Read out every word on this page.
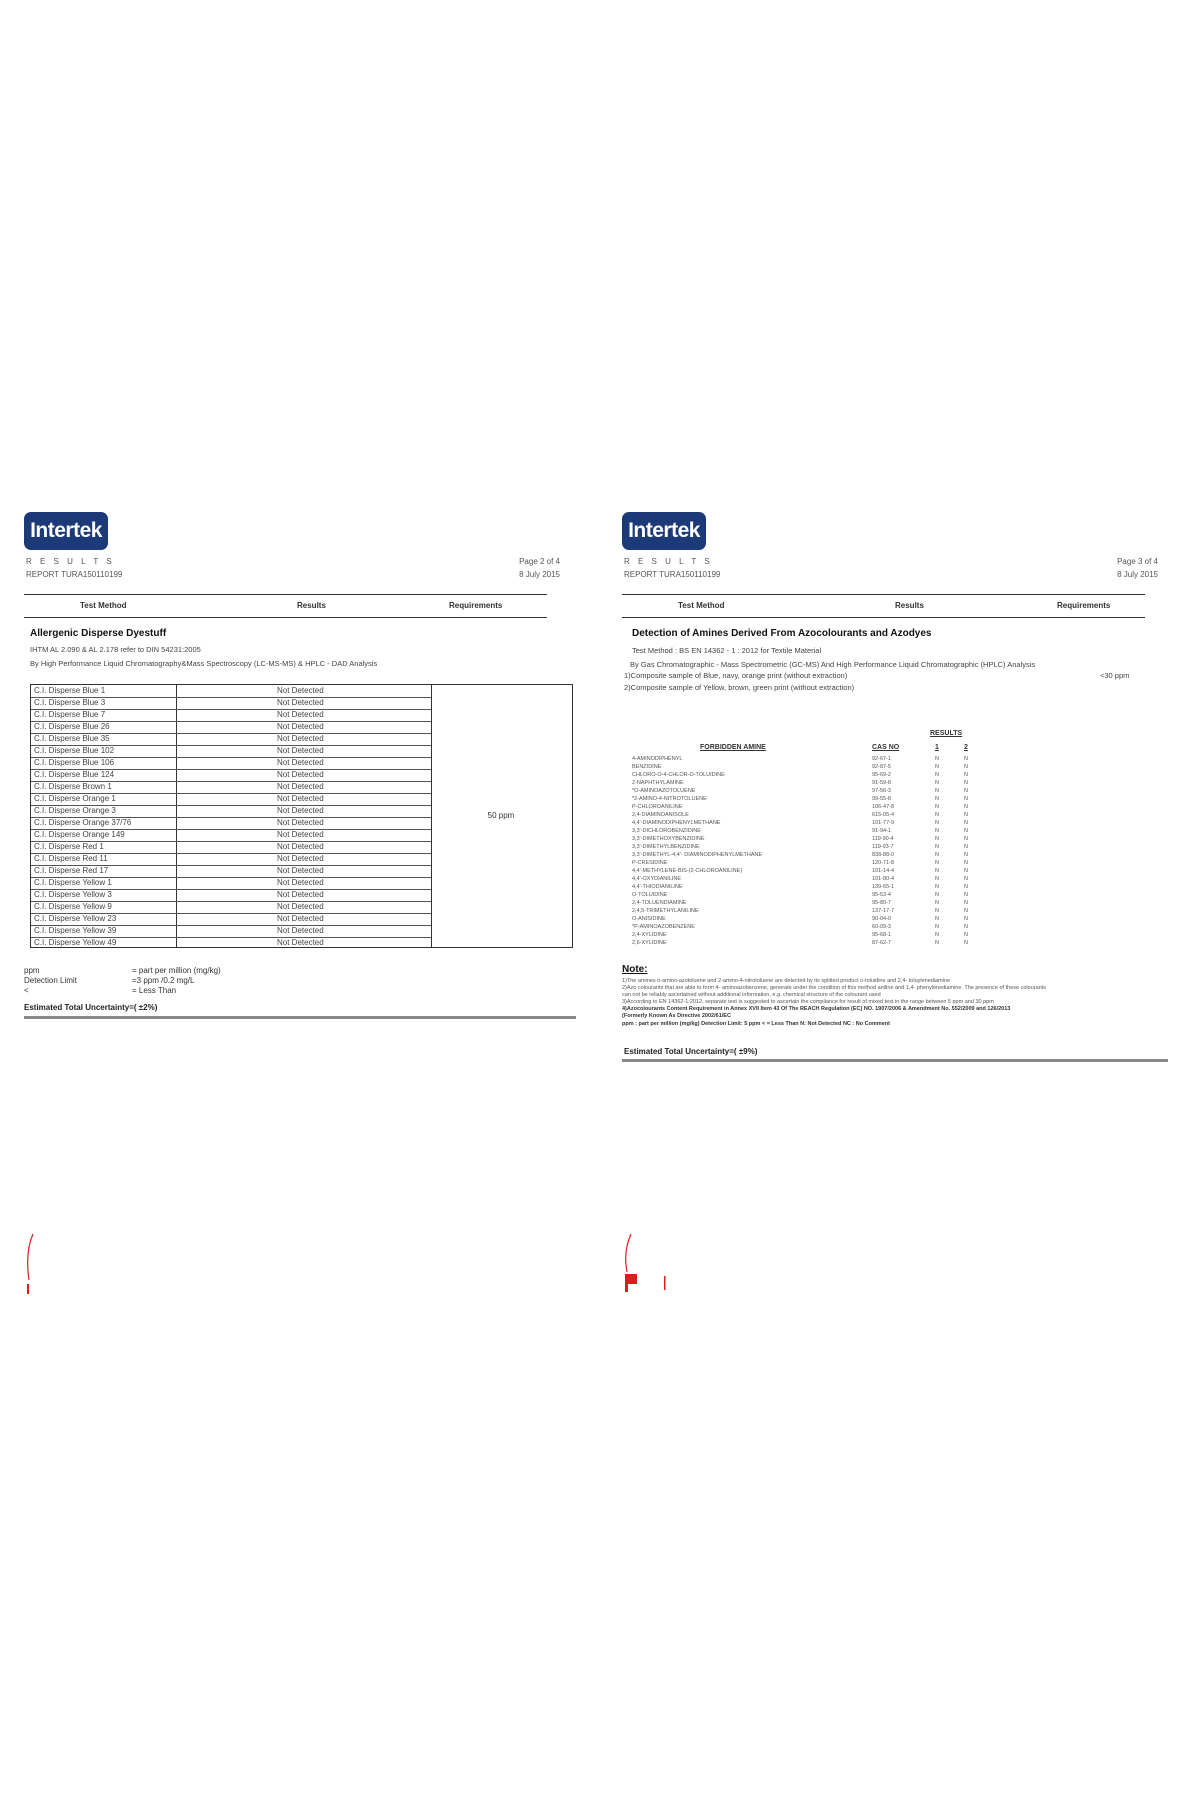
Intertek
R E S U L T S
REPORT TURA150110199
Page 2 of 4
8 July 2015
Test Method	Results	Requirements
Allergenic Disperse Dyestuff
IHTM AL 2.090 & AL 2.178 refer to DIN 54231:2005
By High Performance Liquid Chromatography&Mass Spectroscopy (LC-MS-MS) & HPLC - DAD Analysis
50 ppm
C.I. Disperse Blue 1	Not Detected
C.I. Disperse Blue 3	Not Detected
C.I. Disperse Blue 7	Not Detected
C.I. Disperse Blue 26	Not Detected
C.I. Disperse Blue 35	Not Detected
C.I. Disperse Blue 102	Not Detected
C.I. Disperse Blue 106	Not Detected
C.I. Disperse Blue 124	Not Detected
C.I. Disperse Brown 1	Not Detected
C.I. Disperse Orange 1	Not Detected
C.I. Disperse Orange 3	Not Detected
C.I. Disperse Orange 37/76	Not Detected
C.I. Disperse Orange 149	Not Detected
C.I. Disperse Red 1	Not Detected
C.I. Disperse Red 11	Not Detected
C.I. Disperse Red 17	Not Detected
C.I. Disperse Yellow 1	Not Detected
C.I. Disperse Yellow 3	Not Detected
C.I. Disperse Yellow 9	Not Detected
C.I. Disperse Yellow 23	Not Detected
C.I. Disperse Yellow 39	Not Detected
C.I. Disperse Yellow 49	Not Detected
ppm	= part per million (mg/kg)
Detection Limit	=3 ppm /0.2 mg/L
<	= Less Than
Estimated Total Uncertainty=( ±2%)
Intertek
R E S U L T S
REPORT TURA150110199
Page 3 of 4
8 July 2015
Test Method	Results	Requirements
Detection of Amines Derived From Azocolourants and Azodyes
Test Method : BS EN 14362 - 1 : 2012 for Textile Material
By Gas Chromatographic - Mass Spectrometric (GC-MS) And High Performance Liquid Chromatographic (HPLC) Analysis
1)Composite sample of Blue, navy, orange print (without extraction)	<30 ppm
2)Composite sample of Yellow, brown, green print (without extraction)
RESULTS
FORBIDDEN AMINE	CAS NO	1	2
4-AMINODIPHENYL	92-67-1	N	N
BENZIDINE	92-87-5	N	N
CHLORO-O-4-CHLOR-O-TOLUIDINE	95-69-2	N	N
2-NAPHTHYLAMINE	91-59-8	N	N
*O-AMINOAZOTOLUENE	97-56-3	N	N
*2-AMINO-4-NITROTOLUENE	99-55-8	N	N
P-CHLOROANILINE	106-47-8	N	N
2,4-DIAMINOANISOLE	615-05-4	N	N
4,4'-DIAMINODIPHENYLMETHANE	101-77-9	N	N
3,3'-DICHLOROBENZIDINE	91-94-1	N	N
3,3'-DIMETHOXYBENZIDINE	119-90-4	N	N
3,3'-DIMETHYLBENZIDINE	119-93-7	N	N
3,3'-DIMETHYL-4,4'- DIAMINODIPHENYLMETHANE	838-88-0	N	N
P-CRESIDINE	120-71-8	N	N
4,4'-METHYLENE-BIS-(2-CHLOROANILINE)	101-14-4	N	N
4,4'-OXYDIANILINE	101-80-4	N	N
4,4'-THIODIANILINE	139-65-1	N	N
O-TOLUIDINE	95-53-4	N	N
2,4-TOLUENDIAMINE	95-80-7	N	N
2,4,5-TRIMETHYLANILINE	137-17-7	N	N
O-ANISIDINE	90-04-0	N	N
*P-AMINOAZOBENZENE	60-09-3	N	N
2,4-XYLIDINE	95-68-1	N	N
2,6-XYLIDINE	87-62-7	N	N
Note:
1)The amines o-amino-azotoluene and 2-amino-4-nitrotoluene are detected by its splitted product o-toluidine and 2,4- toluylenediamine
2)Azo colourants that are able to form 4- aminoazobenzene, generate under the condition of this method aniline and 1,4- phenylenediamine. The presence of these colourants
can not be reliably ascertained without additional information, e.g. chemical structure of the colourant used
3)According to EN 14362-1:2012, separate test is suggested to ascertain the compliance for result of mixed test in the range between 5 ppm and 30 ppm
4)Azocolourants Content Requirement in Annex XVII Item 43 Of The REACH Regulation (EC) NO. 1907/2006 & Amendment No. 552/2009 and 126/2013
(Formerly Known As Directive 2002/61/EC
ppm : part per million (mg/kg) Detection Limit: 5 ppm < = Less Than N: Not Detected NC : No Comment
Estimated Total Uncertainty=( ±9%)
